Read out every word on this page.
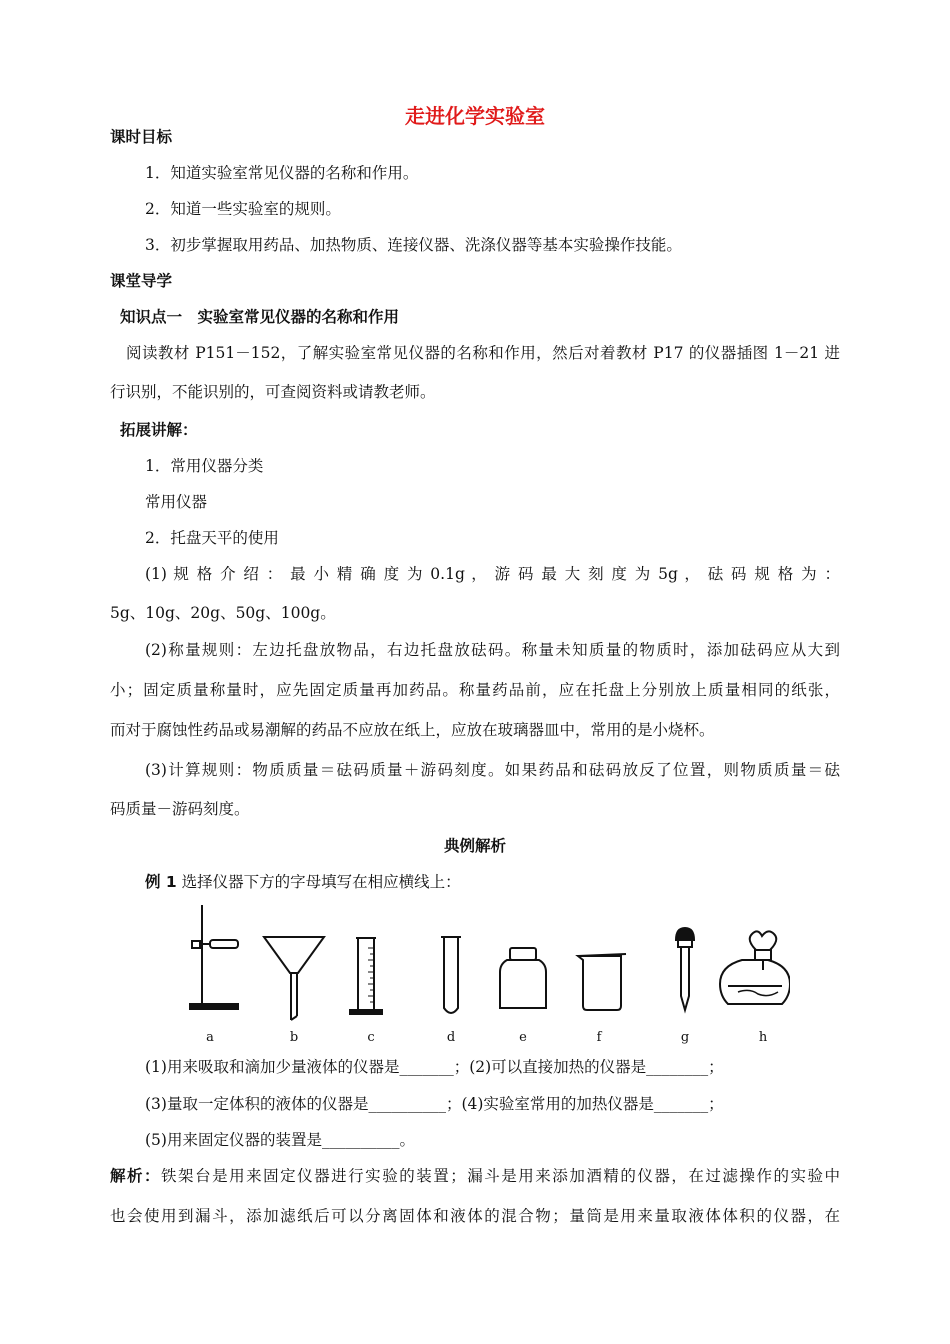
走进化学实验室
课时目标
1．知道实验室常见仪器的名称和作用。
2．知道一些实验室的规则。
3．初步掌握取用药品、加热物质、连接仪器、洗涤仪器等基本实验操作技能。
课堂导学
知识点一　实验室常见仪器的名称和作用
阅读教材 P151－152，了解实验室常见仪器的名称和作用，然后对着教材 P17 的仪器插图 1－21 进
行识别，不能识别的，可查阅资料或请教老师。
拓展讲解：
1．常用仪器分类
常用仪器
2．托盘天平的使用
(1) 规 格 介 绍 ： 最 小 精 确 度 为 0.1g ， 游 码 最 大 刻 度 为 5g ， 砝 码 规 格 为 ：
5g、10g、20g、50g、100g。
(2)称量规则：左边托盘放物品，右边托盘放砝码。称量未知质量的物质时，添加砝码应从大到
小；固定质量称量时，应先固定质量再加药品。称量药品前，应在托盘上分别放上质量相同的纸张，
而对于腐蚀性药品或易潮解的药品不应放在纸上，应放在玻璃器皿中，常用的是小烧杯。
(3)计算规则：物质质量＝砝码质量＋游码刻度。如果药品和砝码放反了位置，则物质质量＝砝
码质量－游码刻度。
典例解析
例 1 选择仪器下方的字母填写在相应横线上：
a	b	c	d	e	f	g	h
(1)用来吸取和滴加少量液体的仪器是_______；(2)可以直接加热的仪器是________；
(3)量取一定体积的液体的仪器是__________；(4)实验室常用的加热仪器是_______；
(5)用来固定仪器的装置是__________。
解析：铁架台是用来固定仪器进行实验的装置；漏斗是用来添加酒精的仪器，在过滤操作的实验中
也会使用到漏斗，添加滤纸后可以分离固体和液体的混合物；量筒是用来量取液体体积的仪器，在
